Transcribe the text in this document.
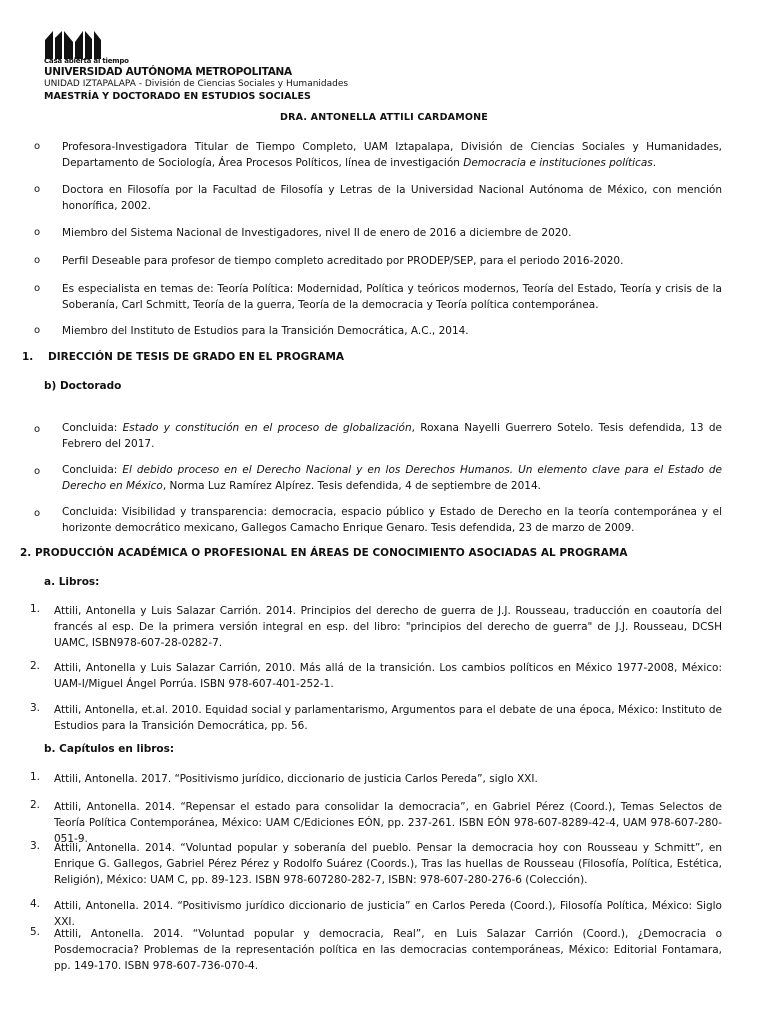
Casa abierta al tiempo
UNIVERSIDAD AUTÓNOMA METROPOLITANA
UNIDAD IZTAPALAPA - División de Ciencias Sociales y Humanidades
MAESTRÍA Y DOCTORADO EN ESTUDIOS SOCIALES
DRA. ANTONELLA ATTILI CARDAMONE
o Profesora-Investigadora Titular de Tiempo Completo, UAM Iztapalapa, División de Ciencias Sociales y Humanidades, Departamento de Sociología, Área Procesos Políticos, línea de investigación Democracia e instituciones políticas.
o Doctora en Filosofía por la Facultad de Filosofía y Letras de la Universidad Nacional Autónoma de México, con mención honorífica, 2002.
o Miembro del Sistema Nacional de Investigadores, nivel II de enero de 2016 a diciembre de 2020.
o Perfil Deseable para profesor de tiempo completo acreditado por PRODEP/SEP, para el periodo 2016-2020.
o Es especialista en temas de: Teoría Política: Modernidad, Política y teóricos modernos, Teoría del Estado, Teoría y crisis de la Soberanía, Carl Schmitt, Teoría de la guerra, Teoría de la democracia y Teoría política contemporánea.
o Miembro del Instituto de Estudios para la Transición Democrática, A.C., 2014.
1. DIRECCIÓN DE TESIS DE GRADO EN EL PROGRAMA
b) Doctorado
o Concluida: Estado y constitución en el proceso de globalización, Roxana Nayelli Guerrero Sotelo. Tesis defendida, 13 de Febrero del 2017.
o Concluida: El debido proceso en el Derecho Nacional y en los Derechos Humanos. Un elemento clave para el Estado de Derecho en México, Norma Luz Ramírez Alpírez. Tesis defendida, 4 de septiembre de 2014.
o Concluida: Visibilidad y transparencia: democracia, espacio público y Estado de Derecho en la teoría contemporánea y el horizonte democrático mexicano, Gallegos Camacho Enrique Genaro. Tesis defendida, 23 de marzo de 2009.
2. PRODUCCIÓN ACADÉMICA O PROFESIONAL EN ÁREAS DE CONOCIMIENTO ASOCIADAS AL PROGRAMA
a. Libros:
1. Attili, Antonella y Luis Salazar Carrión. 2014. Principios del derecho de guerra de J.J. Rousseau, traducción en coautoría del francés al esp. De la primera versión integral en esp. del libro: "principios del derecho de guerra" de J.J. Rousseau, DCSH UAMC, ISBN978-607-28-0282-7.
2. Attili, Antonella y Luis Salazar Carrión, 2010. Más allá de la transición. Los cambios políticos en México 1977-2008, México: UAM-I/Miguel Ángel Porrúa. ISBN 978-607-401-252-1.
3. Attili, Antonella, et.al. 2010. Equidad social y parlamentarismo, Argumentos para el debate de una época, México: Instituto de Estudios para la Transición Democrática, pp. 56.
b. Capítulos en libros:
1. Attili, Antonella. 2017. “Positivismo jurídico, diccionario de justicia Carlos Pereda”, siglo XXI.
2. Attili, Antonella. 2014. “Repensar el estado para consolidar la democracia”, en Gabriel Pérez (Coord.), Temas Selectos de Teoría Política Contemporánea, México: UAM C/Ediciones EÓN, pp. 237-261. ISBN EÓN 978-607-8289-42-4, UAM 978-607-280-051-9.
3. Attili, Antonella. 2014. “Voluntad popular y soberanía del pueblo. Pensar la democracia hoy con Rousseau y Schmitt”, en Enrique G. Gallegos, Gabriel Pérez Pérez y Rodolfo Suárez (Coords.), Tras las huellas de Rousseau (Filosofía, Política, Estética, Religión), México: UAM C, pp. 89-123. ISBN 978-607280-282-7, ISBN: 978-607-280-276-6 (Colección).
4. Attili, Antonella. 2014. “Positivismo jurídico diccionario de justicia” en Carlos Pereda (Coord.), Filosofía Política, México: Siglo XXI.
5. Attili, Antonella. 2014. “Voluntad popular y democracia, Real”, en Luis Salazar Carrión (Coord.), ¿Democracia o Posdemocracia? Problemas de la representación política en las democracias contemporáneas, México: Editorial Fontamara, pp. 149-170. ISBN 978-607-736-070-4.
